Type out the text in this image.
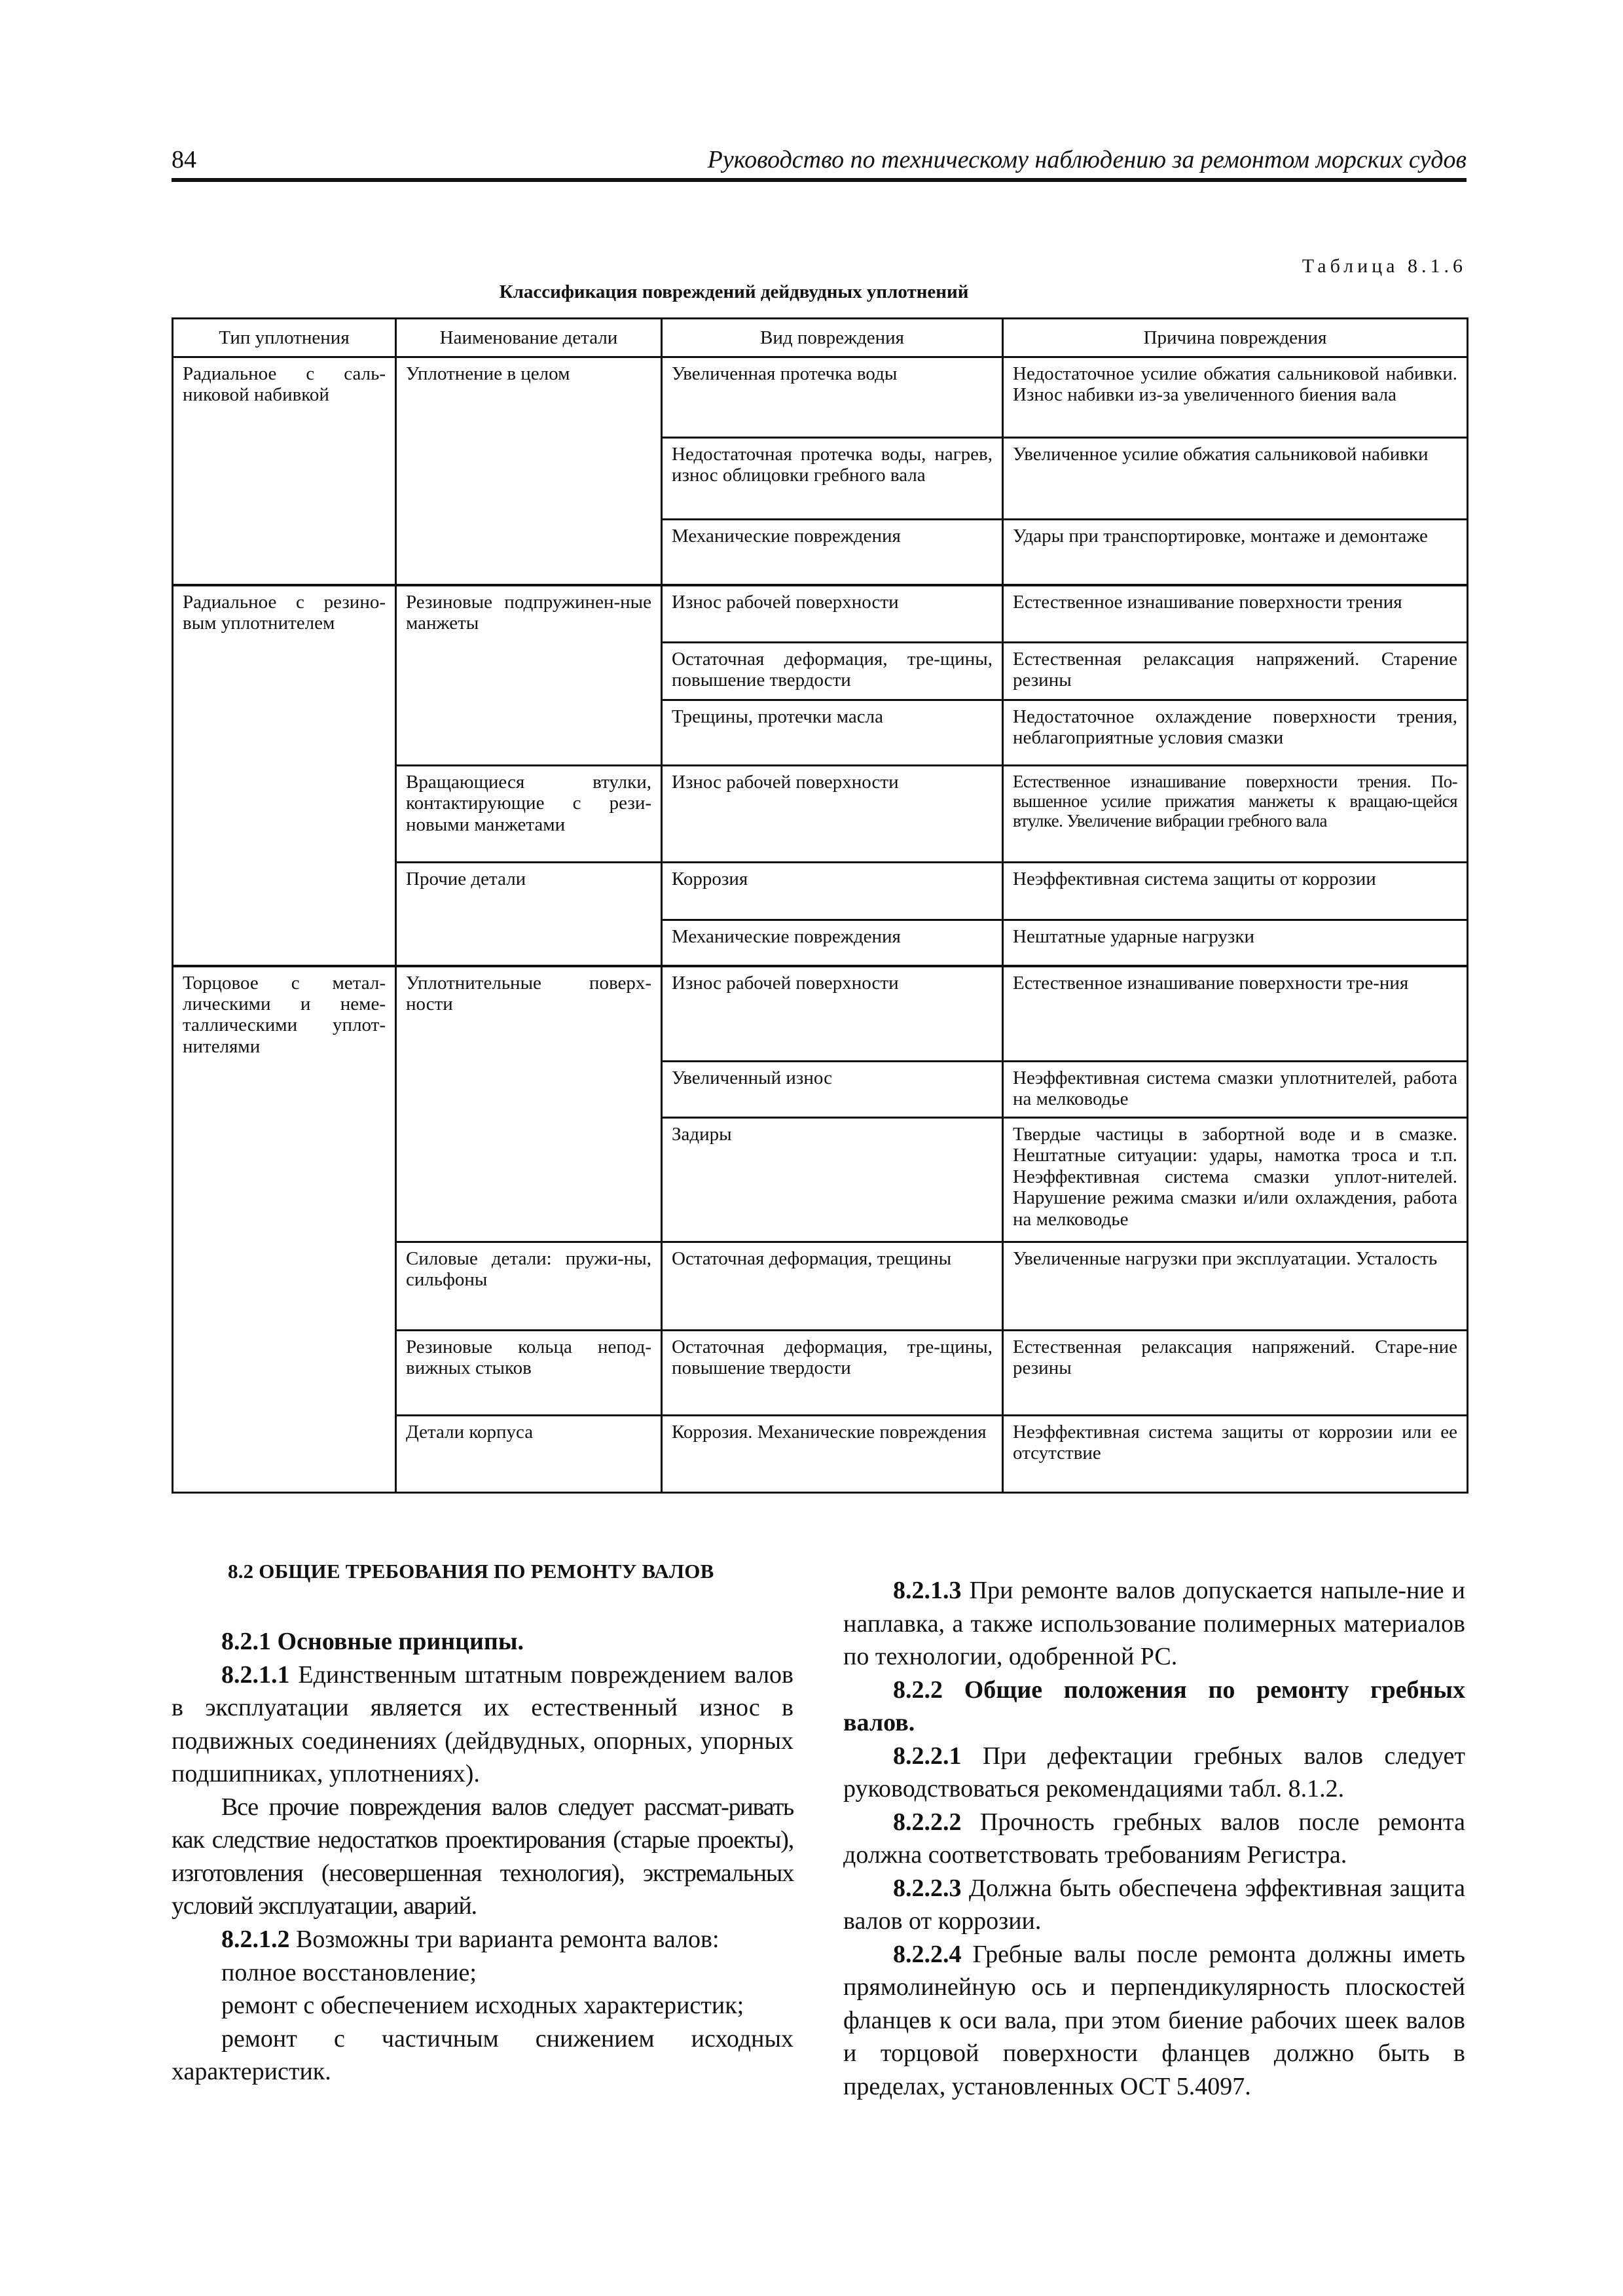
84	Руководство по техническому наблюдению за ремонтом морских судов
Таблица 8.1.6
Классификация повреждений дейдвудных уплотнений
Тип уплотнения	Наименование детали	Вид повреждения	Причина повреждения
Радиальное с саль-никовой набивкой	Уплотнение в целом	Увеличенная протечка воды	Недостаточное усилие обжатия сальниковой набивки. Износ набивки из-за увеличенного биения вала
		Недостаточная протечка воды, нагрев, износ облицовки гребного вала	Увеличенное усилие обжатия сальниковой набивки
		Механические повреждения	Удары при транспортировке, монтаже и демонтаже
Радиальное с резино-вым уплотнителем	Резиновые подпружинен-ные манжеты	Износ рабочей поверхности	Естественное изнашивание поверхности трения
		Остаточная деформация, тре-щины, повышение твердости	Естественная релаксация напряжений. Старение резины
		Трещины, протечки масла	Недостаточное охлаждение поверхности трения, неблагоприятные условия смазки
	Вращающиеся втулки, контактирующие с рези-новыми манжетами	Износ рабочей поверхности	Естественное изнашивание поверхности трения. По-вышенное усилие прижатия манжеты к вращаю-щейся втулке. Увеличение вибрации гребного вала
	Прочие детали	Коррозия	Неэффективная система защиты от коррозии
		Механические повреждения	Нештатные ударные нагрузки
Торцовое с метал-лическими и неме-таллическими уплот-нителями	Уплотнительные поверх-ности	Износ рабочей поверхности	Естественное изнашивание поверхности тре-ния
		Увеличенный износ	Неэффективная система смазки уплотнителей, работа на мелководье
		Задиры	Твердые частицы в забортной воде и в смазке. Нештатные ситуации: удары, намотка троса и т.п. Неэффективная система смазки уплот-нителей. Нарушение режима смазки и/или охлаждения, работа на мелководье
	Силовые детали: пружи-ны, сильфоны	Остаточная деформация, трещины	Увеличенные нагрузки при эксплуатации. Усталость
	Резиновые кольца непод-вижных стыков	Остаточная деформация, тре-щины, повышение твердости	Естественная релаксация напряжений. Старе-ние резины
	Детали корпуса	Коррозия. Механические повреждения	Неэффективная система защиты от коррозии или ее отсутствие

8.2 ОБЩИЕ ТРЕБОВАНИЯ ПО РЕМОНТУ ВАЛОВ

8.2.1 Основные принципы.

8.2.1.1 Единственным штатным повреждением валов в эксплуатации является их естественный износ в подвижных соединениях (дейдвудных, опорных, упорных подшипниках, уплотнениях).

Все прочие повреждения валов следует рассмат-ривать как следствие недостатков проектирования (старые проекты), изготовления (несовершенная технология), экстремальных условий эксплуатации, аварий.

8.2.1.2 Возможны три варианта ремонта валов:

полное восстановление;

ремонт с обеспечением исходных характеристик;

ремонт с частичным снижением исходных характеристик.

8.2.1.3 При ремонте валов допускается напыле-ние и наплавка, а также использование полимерных материалов по технологии, одобренной РС.

8.2.2 Общие положения по ремонту гребных валов.

8.2.2.1 При дефектации гребных валов следует руководствоваться рекомендациями табл. 8.1.2.

8.2.2.2 Прочность гребных валов после ремонта должна соответствовать требованиям Регистра.

8.2.2.3 Должна быть обеспечена эффективная защита валов от коррозии.

8.2.2.4 Гребные валы после ремонта должны иметь прямолинейную ось и перпендикулярность плоскостей фланцев к оси вала, при этом биение рабочих шеек валов и торцовой поверхности фланцев должно быть в пределах, установленных ОСТ 5.4097.
